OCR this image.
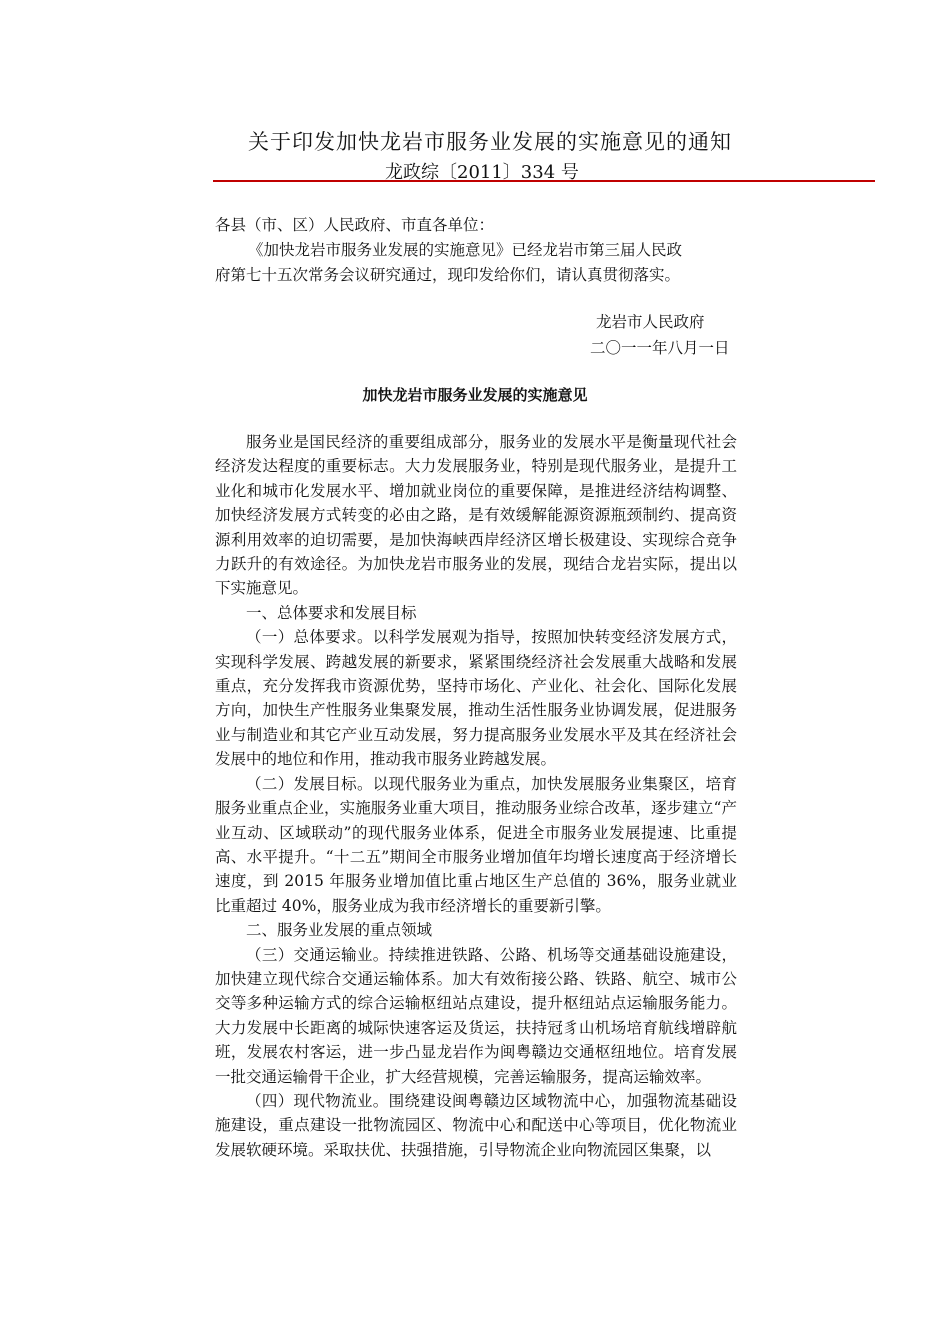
关于印发加快龙岩市服务业发展的实施意见的通知
龙政综〔2011〕334 号
各县（市、区）人民政府、市直各单位：
《加快龙岩市服务业发展的实施意见》已经龙岩市第三届人民政
府第七十五次常务会议研究通过，现印发给你们，请认真贯彻落实。
龙岩市人民政府
二〇一一年八月一日
加快龙岩市服务业发展的实施意见

服务业是国民经济的重要组成部分，服务业的发展水平是衡量现代社会经济发达程度的重要标志。大力发展服务业，特别是现代服务业，是提升工业化和城市化发展水平、增加就业岗位的重要保障，是推进经济结构调整、加快经济发展方式转变的必由之路，是有效缓解能源资源瓶颈制约、提高资源利用效率的迫切需要，是加快海峡西岸经济区增长极建设、实现综合竞争力跃升的有效途径。为加快龙岩市服务业的发展，现结合龙岩实际，提出以下实施意见。

一、总体要求和发展目标

（一）总体要求。以科学发展观为指导，按照加快转变经济发展方式，实现科学发展、跨越发展的新要求，紧紧围绕经济社会发展重大战略和发展重点，充分发挥我市资源优势，坚持市场化、产业化、社会化、国际化发展方向，加快生产性服务业集聚发展，推动生活性服务业协调发展，促进服务业与制造业和其它产业互动发展，努力提高服务业发展水平及其在经济社会发展中的地位和作用，推动我市服务业跨越发展。

（二）发展目标。以现代服务业为重点，加快发展服务业集聚区，培育服务业重点企业，实施服务业重大项目，推动服务业综合改革，逐步建立“产业互动、区域联动”的现代服务业体系，促进全市服务业发展提速、比重提高、水平提升。“十二五”期间全市服务业增加值年均增长速度高于经济增长速度，到 2015 年服务业增加值比重占地区生产总值的 36%，服务业就业比重超过 40%，服务业成为我市经济增长的重要新引擎。

二、服务业发展的重点领域

（三）交通运输业。持续推进铁路、公路、机场等交通基础设施建设，加快建立现代综合交通运输体系。加大有效衔接公路、铁路、航空、城市公交等多种运输方式的综合运输枢纽站点建设，提升枢纽站点运输服务能力。大力发展中长距离的城际快速客运及货运，扶持冠豸山机场培育航线增辟航班，发展农村客运，进一步凸显龙岩作为闽粤赣边交通枢纽地位。培育发展一批交通运输骨干企业，扩大经营规模，完善运输服务，提高运输效率。

（四）现代物流业。围绕建设闽粤赣边区域物流中心，加强物流基础设施建设，重点建设一批物流园区、物流中心和配送中心等项目，优化物流业发展软硬环境。采取扶优、扶强措施，引导物流企业向物流园区集聚，以
